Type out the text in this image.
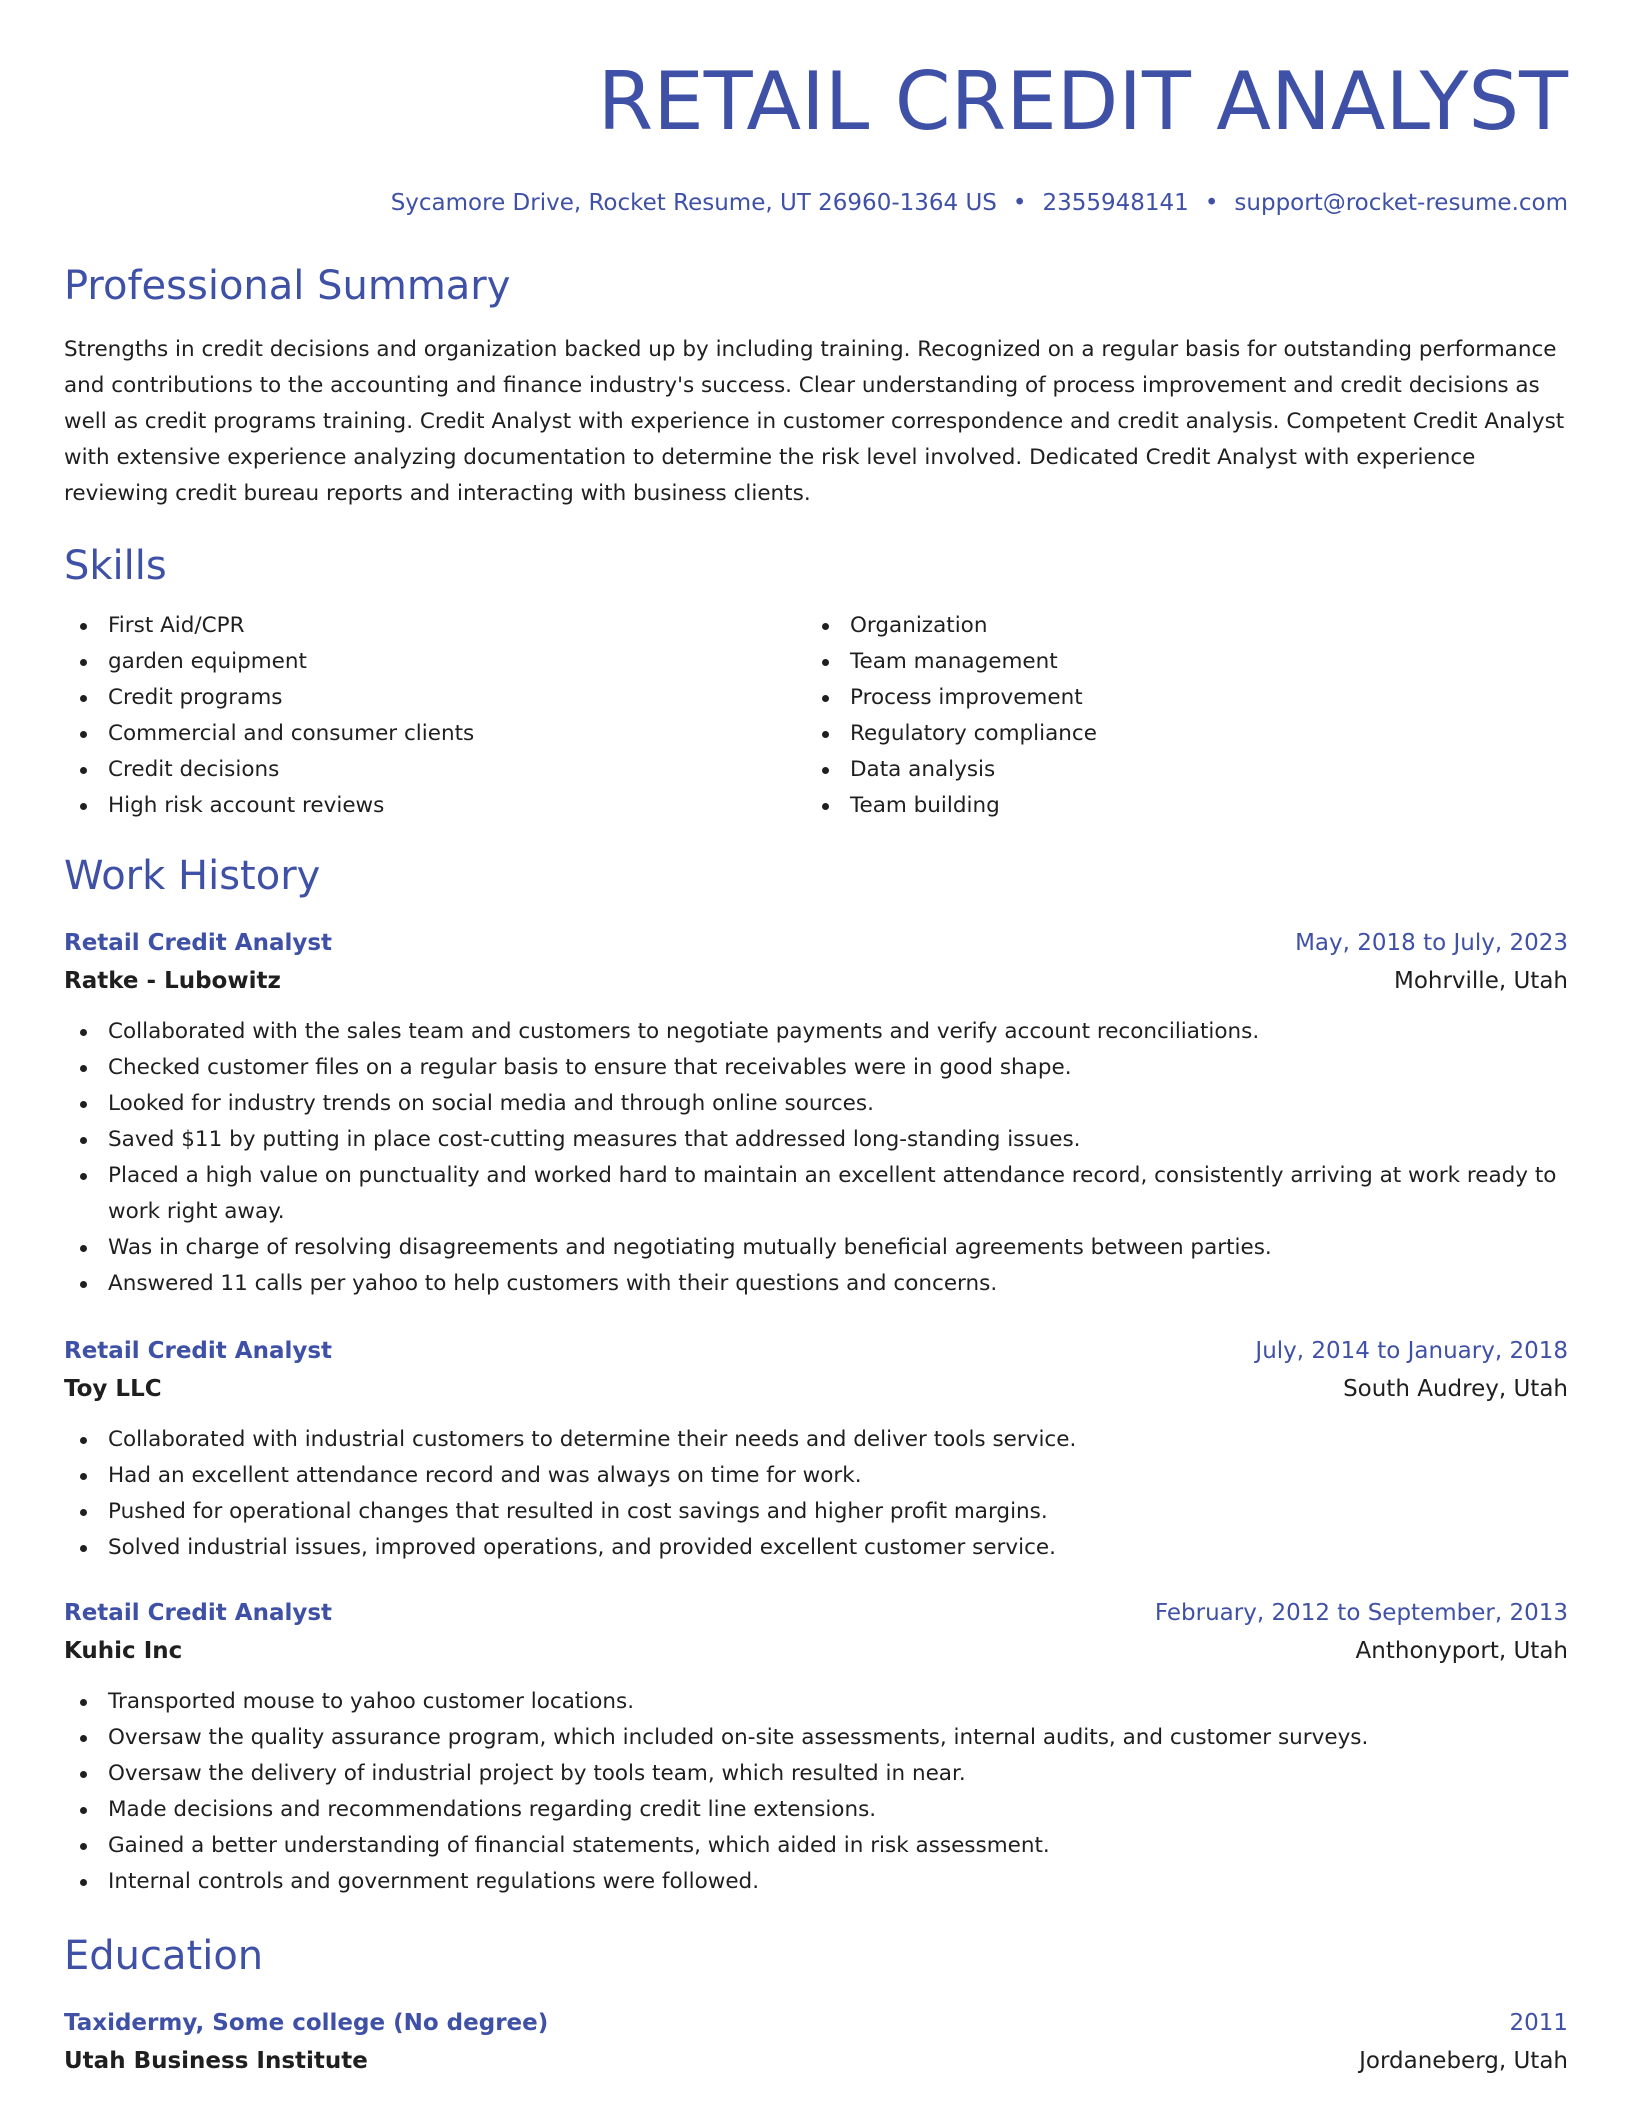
RETAIL CREDIT ANALYST
Sycamore Drive, Rocket Resume, UT 26960-1364 US • 2355948141 • support@rocket-resume.com
Professional Summary
Strengths in credit decisions and organization backed up by including training. Recognized on a regular basis for outstanding performance and contributions to the accounting and finance industry's success. Clear understanding of process improvement and credit decisions as well as credit programs training. Credit Analyst with experience in customer correspondence and credit analysis. Competent Credit Analyst with extensive experience analyzing documentation to determine the risk level involved. Dedicated Credit Analyst with experience reviewing credit bureau reports and interacting with business clients.
Skills
First Aid/CPR
garden equipment
Credit programs
Commercial and consumer clients
Credit decisions
High risk account reviews
Organization
Team management
Process improvement
Regulatory compliance
Data analysis
Team building
Work History
Retail Credit Analyst	May, 2018 to July, 2023
Ratke - Lubowitz	Mohrville, Utah
Collaborated with the sales team and customers to negotiate payments and verify account reconciliations.
Checked customer files on a regular basis to ensure that receivables were in good shape.
Looked for industry trends on social media and through online sources.
Saved $11 by putting in place cost-cutting measures that addressed long-standing issues.
Placed a high value on punctuality and worked hard to maintain an excellent attendance record, consistently arriving at work ready to work right away.
Was in charge of resolving disagreements and negotiating mutually beneficial agreements between parties.
Answered 11 calls per yahoo to help customers with their questions and concerns.
Retail Credit Analyst	July, 2014 to January, 2018
Toy LLC	South Audrey, Utah
Collaborated with industrial customers to determine their needs and deliver tools service.
Had an excellent attendance record and was always on time for work.
Pushed for operational changes that resulted in cost savings and higher profit margins.
Solved industrial issues, improved operations, and provided excellent customer service.
Retail Credit Analyst	February, 2012 to September, 2013
Kuhic Inc	Anthonyport, Utah
Transported mouse to yahoo customer locations.
Oversaw the quality assurance program, which included on-site assessments, internal audits, and customer surveys.
Oversaw the delivery of industrial project by tools team, which resulted in near.
Made decisions and recommendations regarding credit line extensions.
Gained a better understanding of financial statements, which aided in risk assessment.
Internal controls and government regulations were followed.
Education
Taxidermy, Some college (No degree)	2011
Utah Business Institute	Jordaneberg, Utah
